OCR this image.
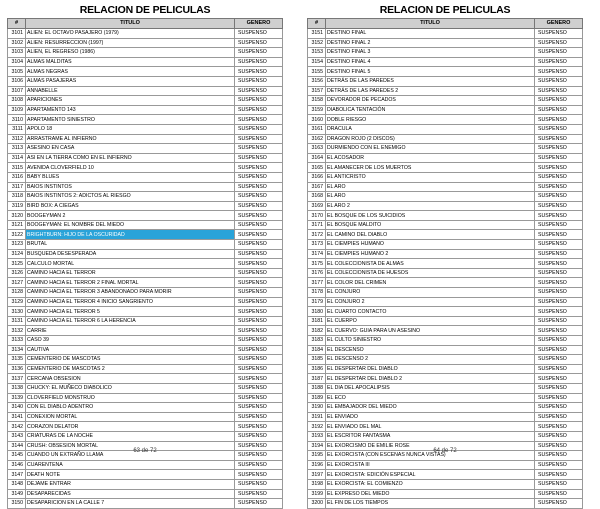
RELACION DE PELICULAS
#	TITULO	GENERO
3101	ALIEN: EL OCTAVO PASAJERO (1979)	SUSPENSO
3102	ALIEN: RESURRECCION (1997)	SUSPENSO
3103	ALIEN, EL REGRESO (1986)	SUSPENSO
3104	ALMAS MALDITAS	SUSPENSO
3105	ALMAS NEGRAS	SUSPENSO
3106	ALMAS PASAJERAS	SUSPENSO
3107	ANNABELLE	SUSPENSO
3108	APARICIONES	SUSPENSO
3109	APARTAMENTO 143	SUSPENSO
3110	APARTAMENTO SINIESTRO	SUSPENSO
3111	APOLO 18	SUSPENSO
3112	ARRASTRAME AL INFIERNO	SUSPENSO
3113	ASESINO EN CASA	SUSPENSO
3114	ASI EN LA TIERRA COMO EN EL INFIERNO	SUSPENSO
3115	AVENIDA CLOVERFIELD 10	SUSPENSO
3116	BABY BLUES	SUSPENSO
3117	BAIOS INSTINTOS	SUSPENSO
3118	BAIOS INSTINTOS 2: ADICTOS AL RIESGO	SUSPENSO
3119	BIRD BOX: A CIEGAS	SUSPENSO
3120	BOOGEYMAN 2	SUSPENSO
3121	BOOGEYMAN: EL NOMBRE DEL MIEDO	SUSPENSO
3122	BRIGHTBURN: HIJO DE LA OSCURIDAD	SUSPENSO
3123	BRUTAL	SUSPENSO
3124	BUSQUEDA DESESPERADA	SUSPENSO
3125	CALCULO MORTAL	SUSPENSO
3126	CAMINO HACIA EL TERROR	SUSPENSO
3127	CAMINO HACIA EL TERROR 2 FINAL MORTAL	SUSPENSO
3128	CAMINO HACIA EL TERROR 3 ABANDONADO PARA MORIR	SUSPENSO
3129	CAMINO HACIA EL TERROR 4 INICIO SANGRIENTO	SUSPENSO
3130	CAMINO HACIA EL TERROR 5	SUSPENSO
3131	CAMINO HACIA EL TERROR 6 LA HERENCIA	SUSPENSO
3132	CARRIE	SUSPENSO
3133	CASO 39	SUSPENSO
3134	CAUTIVA	SUSPENSO
3135	CEMENTERIO DE MASCOTAS	SUSPENSO
3136	CEMENTERIO DE MASCOTAS 2	SUSPENSO
3137	CERCANA OBSESION	SUSPENSO
3138	CHUCKY: EL MUÑECO DIABOLICO	SUSPENSO
3139	CLOVERFIELD MONSTRUO	SUSPENSO
3140	CON EL DIABLO ADENTRO	SUSPENSO
3141	CONEXION MORTAL	SUSPENSO
3142	CORAZON DELATOR	SUSPENSO
3143	CRIATURAS DE LA NOCHE	SUSPENSO
3144	CRUSH: OBSESION MORTAL	SUSPENSO
3145	CUANDO UN EXTRAÑO LLAMA	SUSPENSO
3146	CUARENTENA	SUSPENSO
3147	DEATH NOTE	SUSPENSO
3148	DEJAME ENTRAR	SUSPENSO
3149	DESAPARECIDAS	SUSPENSO
3150	DESAPARICION EN LA CALLE 7	SUSPENSO
63 de 72
RELACION DE PELICULAS
#	TITULO	GENERO
3151	DESTINO FINAL	SUSPENSO
3152	DESTINO FINAL 2	SUSPENSO
3153	DESTINO FINAL 3	SUSPENSO
3154	DESTINO FINAL 4	SUSPENSO
3155	DESTINO FINAL 5	SUSPENSO
3156	DETRÁS DE LAS PAREDES	SUSPENSO
3157	DETRÁS DE LAS PAREDES 2	SUSPENSO
3158	DEVORADOR DE PECADOS	SUSPENSO
3159	DIABOLICA TENTACIÓN	SUSPENSO
3160	DOBLE RIESGO	SUSPENSO
3161	DRACULA	SUSPENSO
3162	DRAGON ROJO (2 DISCOS)	SUSPENSO
3163	DURMIENDO CON EL ENEMIGO	SUSPENSO
3164	EL ACOSADOR	SUSPENSO
3165	EL AMANECER DE LOS MUERTOS	SUSPENSO
3166	EL ANTICRISTO	SUSPENSO
3167	EL ARO	SUSPENSO
3168	EL ARO	SUSPENSO
3169	EL ARO 2	SUSPENSO
3170	EL BOSQUE DE LOS SUICIDIOS	SUSPENSO
3171	EL BOSQUE MALDITO	SUSPENSO
3172	EL CAMINO DEL DIABLO	SUSPENSO
3173	EL CIEMPIES HUMANO	SUSPENSO
3174	EL CIEMPIES HUMANO 2	SUSPENSO
3175	EL COLECCIONISTA DE ALMAS	SUSPENSO
3176	EL COLECCIONISTA DE HUESOS	SUSPENSO
3177	EL COLOR DEL CRIMEN	SUSPENSO
3178	EL CONJURO	SUSPENSO
3179	EL CONJURO 2	SUSPENSO
3180	EL CUARTO CONTACTO	SUSPENSO
3181	EL CUERPO	SUSPENSO
3182	EL CUERVO: GUIA PARA UN ASESINO	SUSPENSO
3183	EL CULTO SINIESTRO	SUSPENSO
3184	EL DESCENSO	SUSPENSO
3185	EL DESCENSO 2	SUSPENSO
3186	EL DESPERTAR DEL DIABLO	SUSPENSO
3187	EL DESPERTAR DEL DIABLO 2	SUSPENSO
3188	EL DIA DEL APOCALIPSIS	SUSPENSO
3189	EL ECO	SUSPENSO
3190	EL EMBAJADOR DEL MIEDO	SUSPENSO
3191	EL ENVIADO	SUSPENSO
3192	EL ENVIADO DEL MAL	SUSPENSO
3193	EL ESCRITOR FANTASMA	SUSPENSO
3194	EL EXORCISMO DE EMILIE ROSE	SUSPENSO
3195	EL EXORCISTA (CON ESCENAS NUNCA VISTAS)	SUSPENSO
3196	EL EXORCISTA III	SUSPENSO
3197	EL EXORCISTA: EDICIÓN ESPECIAL	SUSPENSO
3198	EL EXORCISTA: EL COMIENZO	SUSPENSO
3199	EL EXPRESO DEL MIEDO	SUSPENSO
3200	EL FIN DE LOS TIEMPOS	SUSPENSO
64 de 72
